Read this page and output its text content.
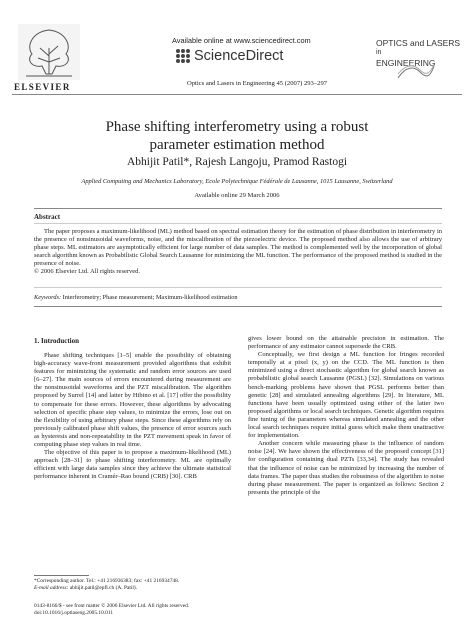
ELSEVIER
Available online at www.sciencedirect.com
ScienceDirect
Optics and Lasers in Engineering 45 (2007) 293–297
OPTICS and LASERS
in
ENGINEERING
Phase shifting interferometry using a robust
parameter estimation method
Abhijit Patil*, Rajesh Langoju, Pramod Rastogi
Applied Computing and Mechanics Laboratory, Ecole Polytechnique Fédérale de Lausanne, 1015 Lausanne, Switzerland
Available online 29 March 2006
Abstract
The paper proposes a maximum-likelihood (ML) method based on spectral estimation theory for the estimation of phase distribution in interferometry in the presence of nonsinusoidal waveforms, noise, and the miscalibration of the piezoelectric device. The proposed method also allows the use of arbitrary phase steps. ML estimators are asymptotically efficient for large number of data samples. The method is complemented well by the incorporation of global search algorithm known as Probabilistic Global Search Lausanne for minimizing the ML function. The performance of the proposed method is studied in the presence of noise.
© 2006 Elsevier Ltd. All rights reserved.
Keywords: Interferometry; Phase measurement; Maximum-likelihood estimation
1. Introduction

Phase shifting techniques [1–5] enable the possibility of obtaining high-accuracy wave-front measurement provided algorithms that exhibit features for minimizing the systematic and random error sources are used [6–27]. The main sources of errors encountered during measurement are the nonsinusoidal waveforms and the PZT miscalibration. The algorithm proposed by Surrel [14] and latter by Hibino et al. [17] offer the possibility to compensate for these errors. However, these algorithms by advocating selection of specific phase step values, to minimize the errors, lose out on the flexibility of using arbitrary phase steps. Since these algorithms rely on previously calibrated phase shift values, the presence of error sources such as hysteresis and non-repeatability in the PZT movement speak in favor of computing phase step values in real time.

The objective of this paper is to propose a maximum-likelihood (ML) approach [28–31] to phase shifting interferometry. ML are optimally efficient with large data samples since they achieve the ultimate statistical performance inherent in Cramér–Rao bound (CRB) [30]. CRB

gives lower bound on the attainable precision in estimation. The performance of any estimator cannot supersede the CRB.

Conceptually, we first design a ML function for fringes recorded temporally at a pixel (x, y) on the CCD. The ML function is then minimized using a direct stochastic algorithm for global search known as probabilistic global search Lausanne (PGSL) [32]. Simulations on various bench-marking problems have shown that PGSL performs better than genetic [28] and simulated annealing algorithms [29]. In literature, ML functions have been usually optimized using either of the latter two proposed algorithms or local search techniques. Genetic algorithm requires fine tuning of the parameters whereas simulated annealing and the other local search techniques require initial guess which make them unattractive for implementation.

Another concern while measuring phase is the influence of random noise [24]. We have shown the effectiveness of the proposed concept [31] for configuration containing dual PZTs [33,34]. The study has revealed that the influence of noise can be minimized by increasing the number of data frames. The paper thus studies the robustness of the algorithm to noise during phase measurement. The paper is organized as follows: Section 2 presents the principle of the

*Corresponding author. Tel.: +41 216936383; fax: +41 216934748.
E-mail address: abhijit.patil@epfl.ch (A. Patil).
0143-8166/$ - see front matter © 2006 Elsevier Ltd. All rights reserved.
doi:10.1016/j.optlaseng.2005.10.011
